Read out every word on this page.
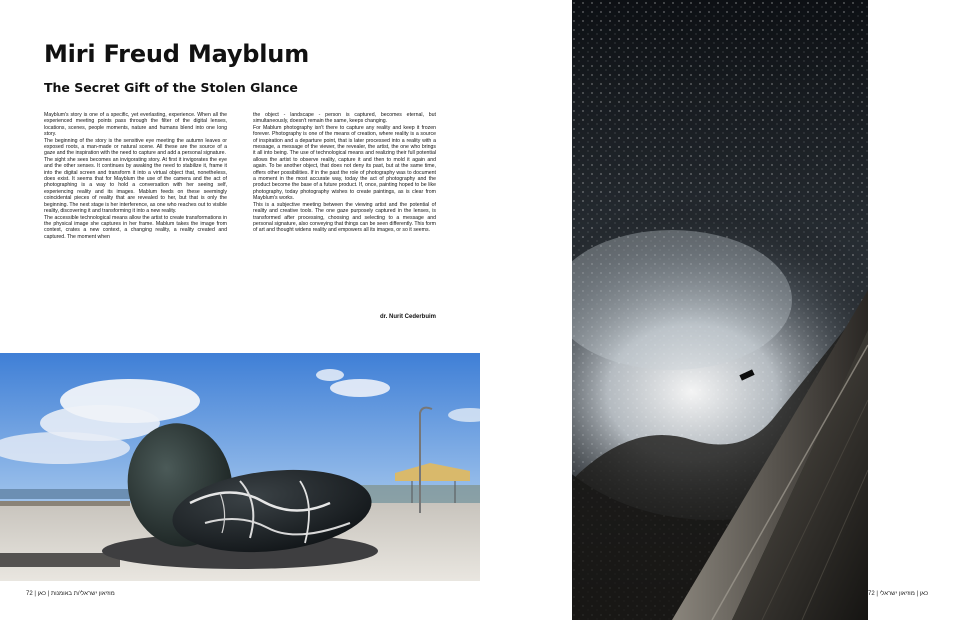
Miri Freud Mayblum
The Secret Gift of the Stolen Glance

Mayblum's story is one of a specific, yet everlasting, experience. When all the experienced meeting points pass through the filter of the digital lenses, locations, scenes, people moments, nature and humans blend into one long story.

The beginning of the story is the sensitive eye meeting the autumn leaves or exposed roots, a man-made or natural scene. All these are the source of a gaze and the inspiration with the need to capture and add a personal signature.

The sight she sees becomes an invigorating story. At first it invigorates the eye and the other senses. It continues by awaking the need to stabilize it, frame it into the digital screen and transform it into a virtual object that, nonetheless, does exist. It seems that for Mayblum the use of the camera and the act of photographing is a way to hold a conversation with her seeing self, experiencing reality and its images. Mablum feeds on these seemingly coincidental pieces of reality that are revealed to her, but that is only the beginning. The next stage is her interference, as one who reaches out to visible reality, discovering it and transforming it into a new reality.

The accessible technological means allow the artist to create transformations in the physical image she captures in her frame. Mablum takes the image from context, crates a new context, a changing reality, a reality created and captured. The moment when

the object - landscape - person is captured, becomes eternal, but simultaneously, doesn't remain the same, keeps changing.

For Mablum photography isn't there to capture any reality and keep it frozen forever. Photography is one of the means of creation, where reality is a source of inspiration and a departure point, that is later processed into a reality with a message, a message of the viewer, the revealer, the artist, the one who brings it all into being. The use of technological means and realizing their full potential allows the artist to observe reality, capture it and then to mold it again and again. To be another object, that does not deny its past, but at the same time, offers other possibilities. If in the past the role of photography was to document a moment in the most accurate way, today the act of photography and the product become the base of a future product. If, once, painting hoped to be like photography, today photography wishes to create paintings, as is clear from Mayblum's works.

This is a subjective meeting between the viewing artist and the potential of reality and creative tools. The one gaze purposely captured in the lenses, is transformed after processing, choosing and selecting to a message and personal signature, also conveying that things can be seen differently. This form of art and thought widens reality and empowers all its images, or so it seems.

dr. Nurit Cederbuim
72 | מוזיאון ישראלי/ת באומנות | כאן	כאן | מוזיאון ישראלי | 72
